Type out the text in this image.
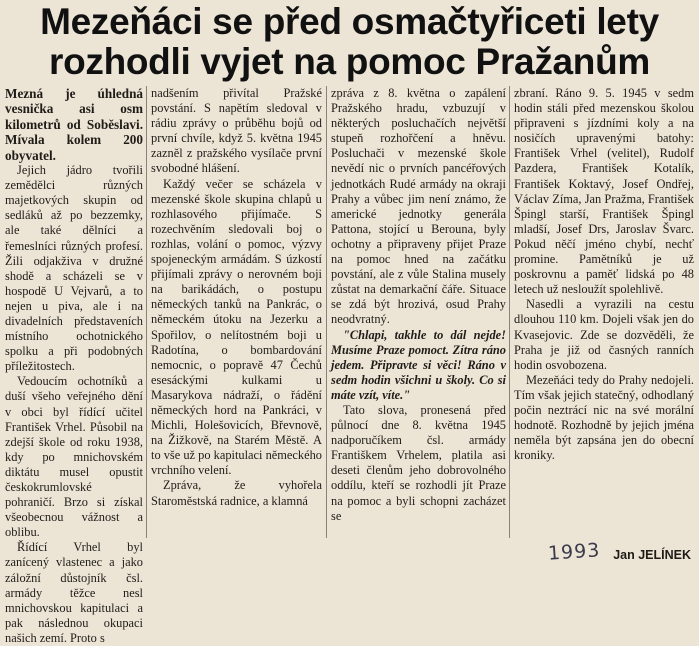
Mezeňáci se před osmačtyřiceti lety
rozhodli vyjet na pomoc Pražanům

Mezná je úhledná vesnička asi osm kilometrů od Soběslavi. Mívala kolem 200 obyvatel.

Jejich jádro tvořili zemědělci různých majetkových skupin od sedláků až po bezzemky, ale také dělníci a řemeslníci různých profesí. Žili odjakživa v družné shodě a scházeli se v hospodě U Vejvarů, a to nejen u piva, ale i na divadelních představeních místního ochotnického spolku a při podobných příležitostech.

Vedoucím ochotníků a duší všeho veřejného dění v obci byl řídící učitel František Vrhel. Působil na zdejší škole od roku 1938, kdy po mnichovském diktátu musel opustit českokrumlovské pohraničí. Brzo si získal všeobecnou vážnost a oblibu.

Řídící Vrhel byl zanícený vlastenec a jako záložní důstojník čsl. armády těžce nesl mnichovskou kapitulaci a pak následnou okupaci našich zemí. Proto s

nadšením přivítal Pražské povstání. S napětím sledoval v rádiu zprávy o průběhu bojů od první chvíle, když 5. května 1945 zazněl z pražského vysílače první svobodné hlášení.

Každý večer se scházela v mezenské škole skupina chlapů u rozhlasového přijímače. S rozechvěním sledovali boj o rozhlas, volání o pomoc, výzvy spojeneckým armádám. S úzkostí přijímali zprávy o nerovném boji na barikádách, o postupu německých tanků na Pankrác, o německém útoku na Jezerku a Spořilov, o nelítostném boji u Radotína, o bombardování nemocnic, o popravě 47 Čechů esesáckými kulkami u Masarykova nádraží, o řádění německých hord na Pankráci, v Michli, Holešovicích, Břevnově, na Žižkově, na Starém Městě. A to vše už po kapitulaci německého vrchního velení.

Zpráva, že vyhořela Staroměstská radnice, a klamná

zpráva z 8. května o zapálení Pražského hradu, vzbuzují v některých posluchačích největší stupeň rozhořčení a hněvu. Posluchači v mezenské škole nevědí nic o prvních pancéřových jednotkách Rudé armády na okraji Prahy a vůbec jim není známo, že americké jednotky generála Pattona, stojící u Berouna, byly ochotny a připraveny přijet Praze na pomoc hned na začátku povstání, ale z vůle Stalina musely zůstat na demarkační čáře. Situace se zdá být hrozivá, osud Prahy neodvratný.

"Chlapi, takhle to dál nejde! Musíme Praze pomoct. Zítra ráno jedem. Připravte si věci! Ráno v sedm hodin všichni u školy. Co si máte vzít, víte."

Tato slova, pronesená před půlnocí dne 8. května 1945 nadporučíkem čsl. armády Františkem Vrhelem, platila asi deseti členům jeho dobrovolného oddílu, kteří se rozhodli jít Praze na pomoc a byli schopni zacházet se

zbraní. Ráno 9. 5. 1945 v sedm hodin stáli před mezenskou školou připraveni s jízdními koly a na nosičích upravenými batohy: František Vrhel (velitel), Rudolf Pazdera, František Kotalík, František Koktavý, Josef Ondřej, Václav Zíma, Jan Pražma, František Špingl starší, František Špingl mladší, Josef Drs, Jaroslav Švarc. Pokud něčí jméno chybí, nechť promine. Pamětníků je už poskrovnu a paměť lidská po 48 letech už nesloužít spolehlivě.

Nasedli a vyrazili na cestu dlouhou 110 km. Dojeli však jen do Kvasejovic. Zde se dozvěděli, že Praha je již od časných ranních hodin osvobozena.

Mezeňáci tedy do Prahy nedojeli. Tím však jejich statečný, odhodlaný počin neztrácí nic na své morální hodnotě. Rozhodně by jejich jména neměla být zapsána jen do obecní kroniky.

1993 Jan JELÍNEK
